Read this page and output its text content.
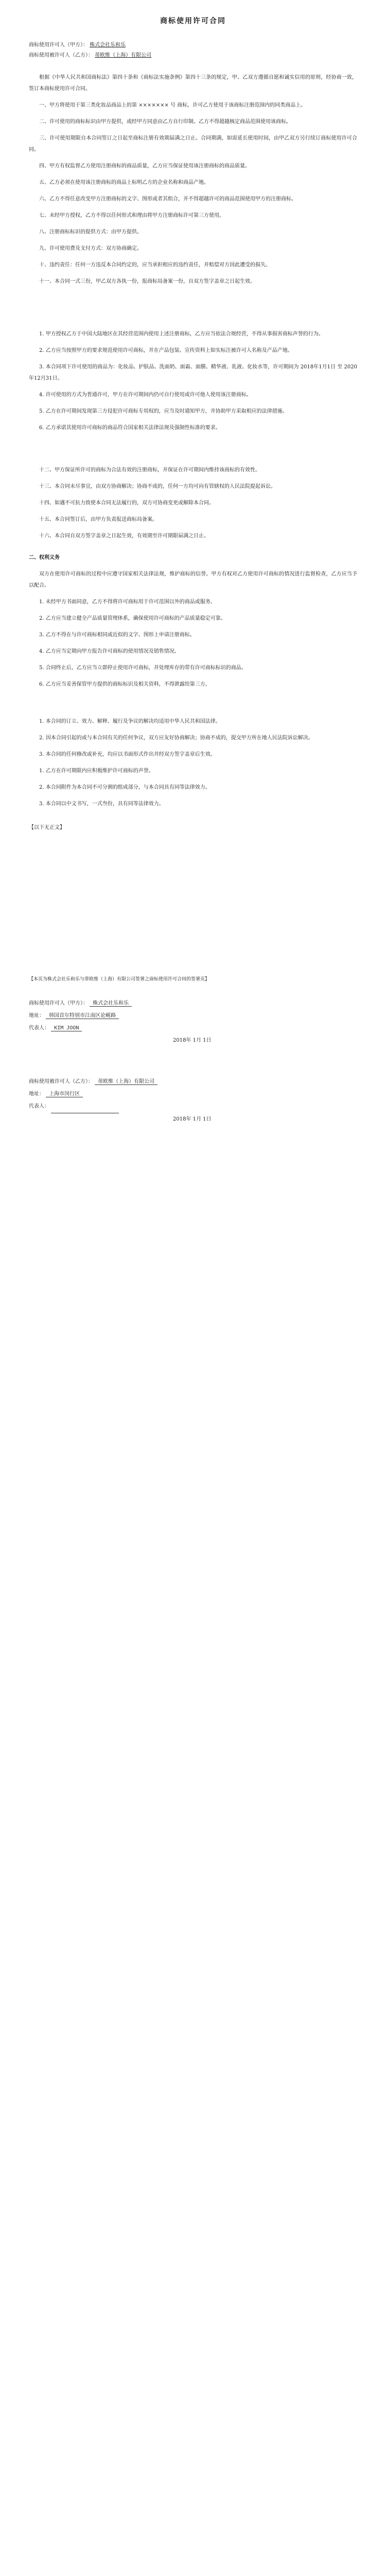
商标使用许可合同

商标使用许可人（甲方）： 株式会社乐和乐

商标使用被许可人（乙方）： 蒂欧维（上海）有限公司

根据《中华人民共和国商标法》第四十条和《商标法实施条例》第四十三条的规定，甲、乙双方遵循自愿和诚实信用的原则，经协商一致，签订本商标使用许可合同。

一、甲方将使用于第三类化妆品商品上的第 ××××××× 号 商标，许可乙方使用于该商标注册范围内的同类商品上。

二、许可使用的商标标识由甲方提供，或经甲方同意由乙方自行印制。乙方不得超越核定商品范围使用该商标。

三、许可使用期限自本合同签订之日起至商标注册有效期届满之日止。合同期满，如需延长使用时间，由甲乙双方另行续订商标使用许可合同。

四、甲方有权监督乙方使用注册商标的商品质量，乙方应当保证使用该注册商标的商品质量。

五、乙方必须在使用该注册商标的商品上标明乙方的企业名称和商品产地。

六、乙方不得任意改变甲方注册商标的文字、图形或者其组合，并不得超越许可的商品范围使用甲方的注册商标。

七、未经甲方授权，乙方不得以任何形式和理由将甲方注册商标许可第三方使用。

八、注册商标标识的提供方式：由甲方提供。

九、许可使用费及支付方式：双方协商确定。

十、违约责任：任何一方违反本合同约定的，应当承担相应的违约责任，并赔偿对方因此遭受的损失。

十一、本合同一式三份，甲乙双方各执一份，报商标局备案一份，自双方签字盖章之日起生效。

1. 甲方授权乙方于中国大陆地区在其经营范围内使用上述注册商标，乙方应当依法合规经营，不得从事损害商标声誉的行为。

2. 乙方应当按照甲方的要求规范使用许可商标，并在产品包装、宣传资料上如实标注被许可人名称及产品产地。

3. 本合同项下许可使用的商品为：化妆品、护肤品、洗面奶、面霜、面膜、精华液、乳液、化妆水等，许可期间为 2018年1月1日 至 2020年12月31日。

4. 许可使用的方式为普通许可，甲方在许可期间内仍可自行使用或许可他人使用该注册商标。

5. 乙方在许可期间发现第三方侵犯许可商标专用权的，应当及时通知甲方，并协助甲方采取相应的法律措施。

6. 乙方承诺其使用许可商标的商品符合国家相关法律法规及强制性标准的要求。

十二、甲方保证所许可的商标为合法有效的注册商标，并保证在许可期间内维持该商标的有效性。

十三、本合同未尽事宜，由双方协商解决；协商不成的，任何一方均可向有管辖权的人民法院提起诉讼。

十四、如遇不可抗力致使本合同无法履行的，双方可协商变更或解除本合同。

十五、本合同签订后，由甲方负责报送商标局备案。

十六、本合同自双方签字盖章之日起生效，有效期至许可期限届满之日止。

二、权利义务

双方在使用许可商标的过程中应遵守国家相关法律法规，维护商标的信誉。甲方有权对乙方使用许可商标的情况进行监督检查，乙方应当予以配合。

1. 未经甲方书面同意，乙方不得将许可商标用于许可范围以外的商品或服务。

2. 乙方应当建立健全产品质量管理体系，确保使用许可商标的产品质量稳定可靠。

3. 乙方不得在与许可商标相同或近似的文字、图形上申请注册商标。

4. 乙方应当定期向甲方报告许可商标的使用情况及销售情况。

5. 合同终止后，乙方应当立即停止使用许可商标，并处理库存的带有许可商标标识的商品。

6. 乙方应当妥善保管甲方提供的商标标识及相关资料，不得泄露给第三方。

1. 本合同的订立、效力、解释、履行及争议的解决均适用中华人民共和国法律。

2. 因本合同引起的或与本合同有关的任何争议，双方应友好协商解决；协商不成的，提交甲方所在地人民法院诉讼解决。

3. 本合同的任何修改或补充，均应以书面形式作出并经双方签字盖章后生效。

1. 乙方在许可期限内应积极维护许可商标的声誉。

2. 本合同附件为本合同不可分割的组成部分，与本合同具有同等法律效力。

3. 本合同以中文书写，一式叁份，具有同等法律效力。

【以下无正文】

【本页为株式会社乐和乐与蒂欧维（上海）有限公司签署之商标使用许可合同的签署页】

商标使用许可人（甲方）： 株式会社乐和乐

地址： 韩国首尔特别市江南区论岘路

代表人： KIM JOON

2018年 1月 1日

商标使用被许可人（乙方）： 蒂欧维（上海）有限公司

地址： 上海市闵行区

代表人：

2018年 1月 1日
